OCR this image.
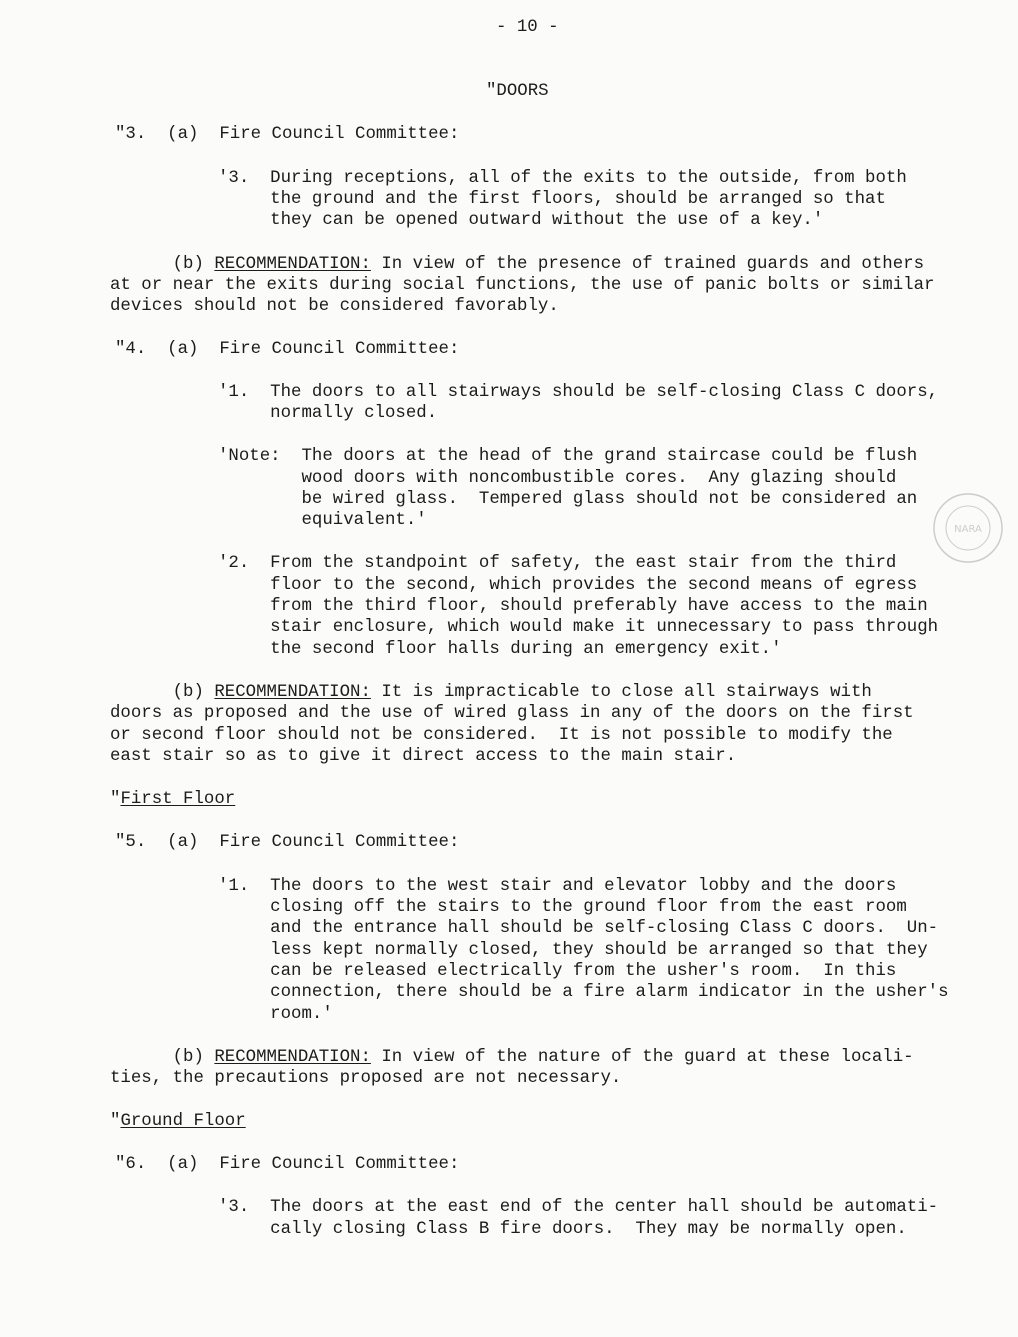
- 10 -
"DOORS
"3.  (a)  Fire Council Committee:
'3.  During receptions, all of the exits to the outside, from both
the ground and the first floors, should be arranged so that
they can be opened outward without the use of a key.'
(b) RECOMMENDATION: In view of the presence of trained guards and others
at or near the exits during social functions, the use of panic bolts or similar
devices should not be considered favorably.
"4.  (a)  Fire Council Committee:
'1.  The doors to all stairways should be self-closing Class C doors,
normally closed.
'Note:  The doors at the head of the grand staircase could be flush
wood doors with noncombustible cores.  Any glazing should
be wired glass.  Tempered glass should not be considered an
equivalent.'
'2.  From the standpoint of safety, the east stair from the third
floor to the second, which provides the second means of egress
from the third floor, should preferably have access to the main
stair enclosure, which would make it unnecessary to pass through
the second floor halls during an emergency exit.'
(b) RECOMMENDATION: It is impracticable to close all stairways with
doors as proposed and the use of wired glass in any of the doors on the first
or second floor should not be considered.  It is not possible to modify the
east stair so as to give it direct access to the main stair.
"First Floor
"5.  (a)  Fire Council Committee:
'1.  The doors to the west stair and elevator lobby and the doors
closing off the stairs to the ground floor from the east room
and the entrance hall should be self-closing Class C doors.  Un-
less kept normally closed, they should be arranged so that they
can be released electrically from the usher's room.  In this
connection, there should be a fire alarm indicator in the usher's
room.'
(b) RECOMMENDATION: In view of the nature of the guard at these locali-
ties, the precautions proposed are not necessary.
"Ground Floor
"6.  (a)  Fire Council Committee:
'3.  The doors at the east end of the center hall should be automati-
cally closing Class B fire doors.  They may be normally open.
NARA
